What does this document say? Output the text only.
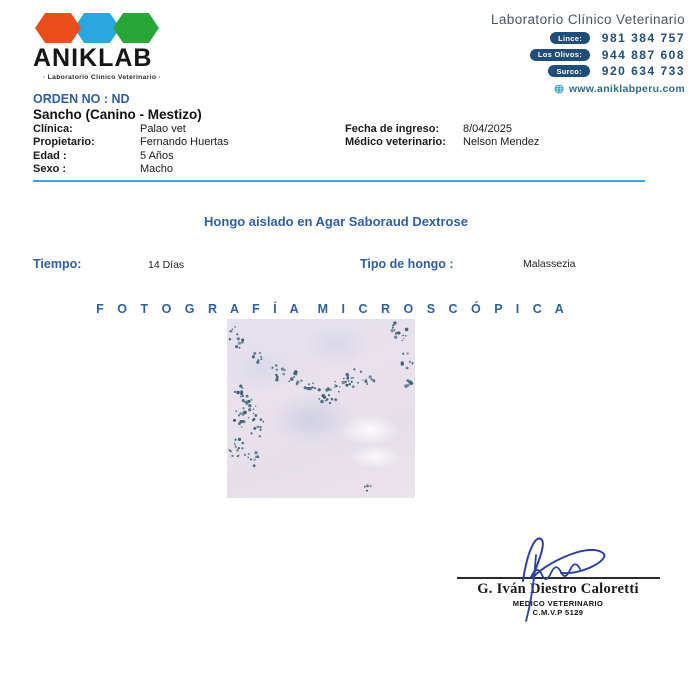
ANIKLAB
· Laboratorio Clínico Veterinario ·
Laboratorio Clínico Veterinario
Lince:	981 384 757
Los Olivos:	944 887 608
Surco:	920 634 733
www.aniklabperu.com
ORDEN NO : ND
Sancho (Canino - Mestizo)
Clínica:	Palao vet
Propietario:	Fernando Huertas
Edad :	5 Años
Sexo :	Macho
Fecha de ingreso:	8/04/2025
Médico veterinario:	Nelson Mendez
Hongo aislado en Agar Saboraud Dextrose
Tiempo:	14 Días	Tipo de hongo :	Malassezia
F O T O G R A F Í A M I C R O S C Ó P I C A
G. Iván Diestro Caloretti
MEDICO VETERINARIO
C.M.V.P 5129
